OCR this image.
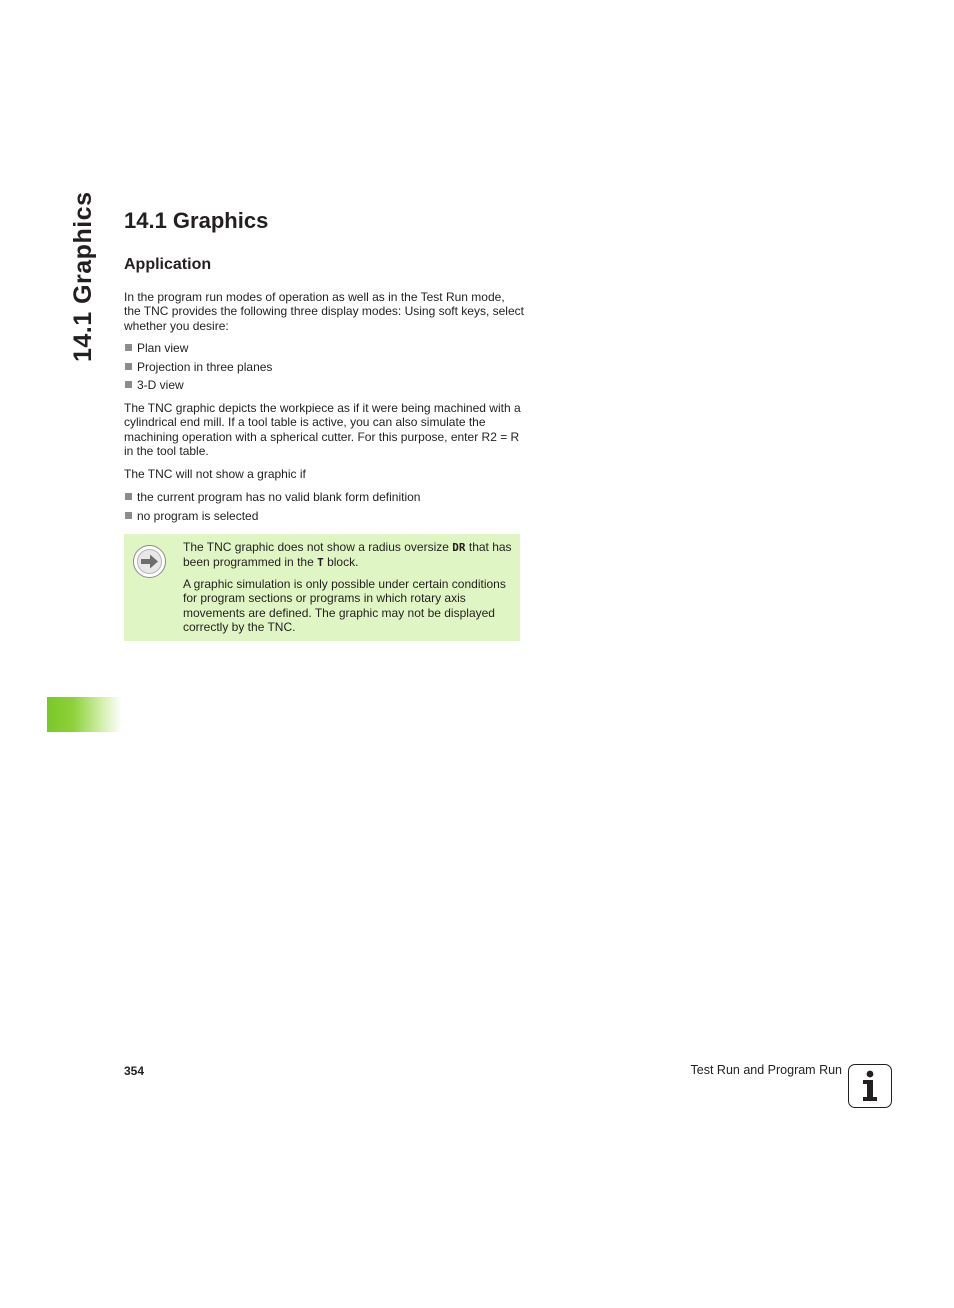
14.1 Graphics 14.1 Graphics
Application
In the program run modes of operation as well as in the Test Run mode, the TNC provides the following three display modes: Using soft keys, select whether you desire:
Plan view
Projection in three planes
3-D view
The TNC graphic depicts the workpiece as if it were being machined with a cylindrical end mill. If a tool table is active, you can also simulate the machining operation with a spherical cutter. For this purpose, enter R2 = R in the tool table.
The TNC will not show a graphic if
the current program has no valid blank form definition
no program is selected
The TNC graphic does not show a radius oversize DR that has been programmed in the T block.
A graphic simulation is only possible under certain conditions for program sections or programs in which rotary axis movements are defined. The graphic may not be displayed correctly by the TNC.
354	Test Run and Program Run
